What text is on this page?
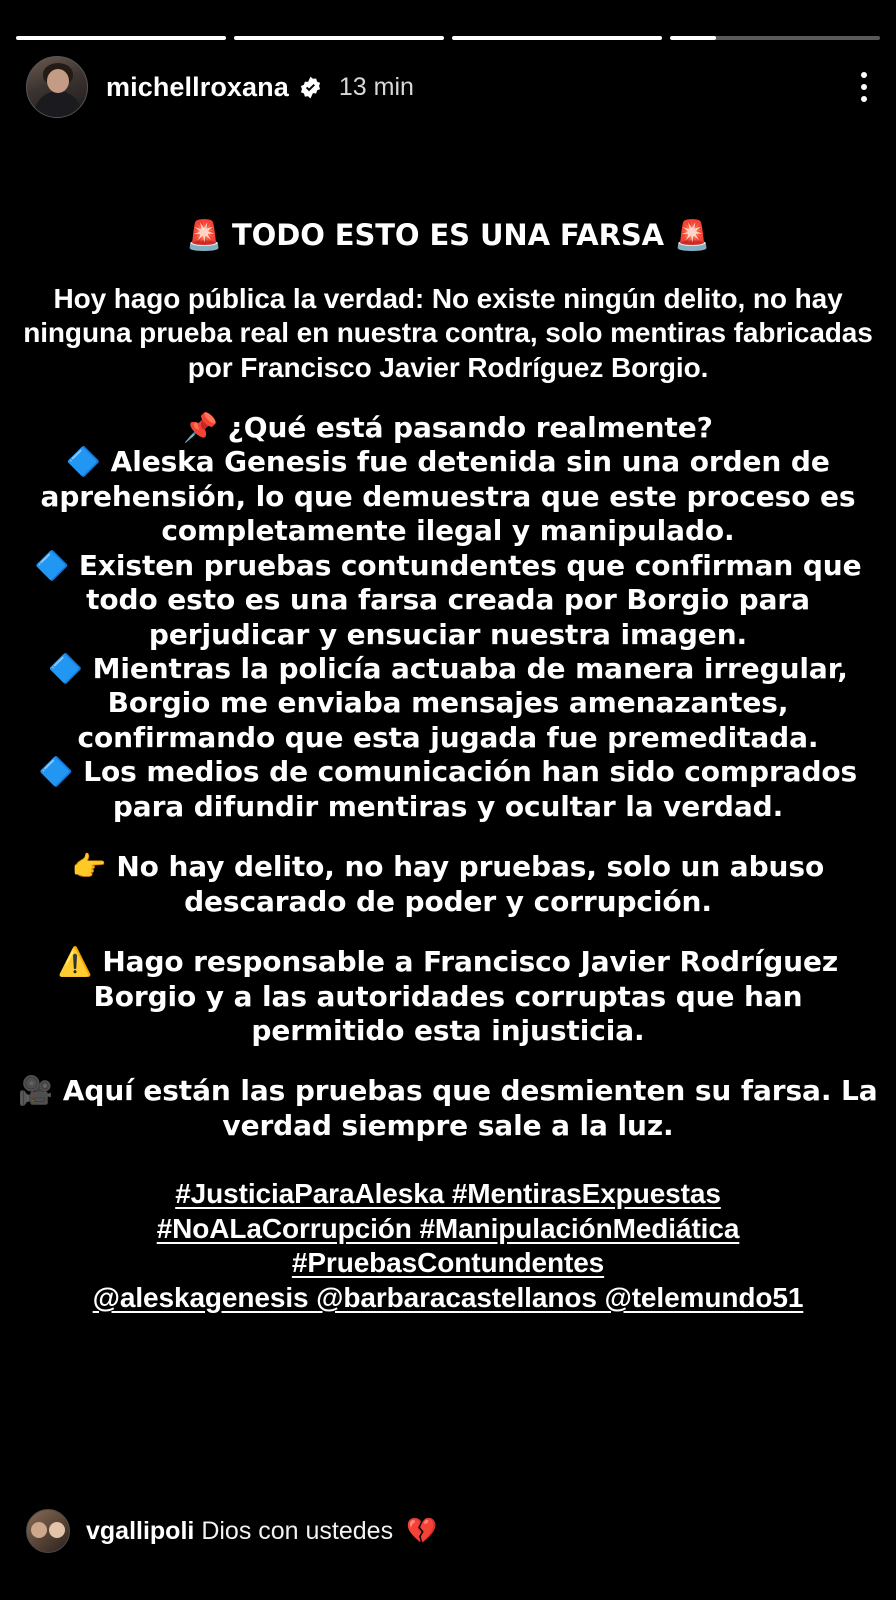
michellroxana 13 min
🚨 TODO ESTO ES UNA FARSA 🚨
Hoy hago pública la verdad: No existe ningún delito, no hay ninguna prueba real en nuestra contra, solo mentiras fabricadas por Francisco Javier Rodríguez Borgio.
📌 ¿Qué está pasando realmente?
🔷 Aleska Genesis fue detenida sin una orden de aprehensión, lo que demuestra que este proceso es completamente ilegal y manipulado.
🔷 Existen pruebas contundentes que confirman que todo esto es una farsa creada por Borgio para perjudicar y ensuciar nuestra imagen.
🔷 Mientras la policía actuaba de manera irregular, Borgio me enviaba mensajes amenazantes, confirmando que esta jugada fue premeditada.
🔷 Los medios de comunicación han sido comprados para difundir mentiras y ocultar la verdad.
👉 No hay delito, no hay pruebas, solo un abuso descarado de poder y corrupción.
⚠️ Hago responsable a Francisco Javier Rodríguez Borgio y a las autoridades corruptas que han permitido esta injusticia.
🎥 Aquí están las pruebas que desmienten su farsa. La verdad siempre sale a la luz.
#JusticiaParaAleska #MentirasExpuestas
#NoALaCorrupción #ManipulaciónMediática
#PruebasContundentes
@aleskagenesis @barbaracastellanos @telemundo51
vgallipoli Dios con ustedes 💔
